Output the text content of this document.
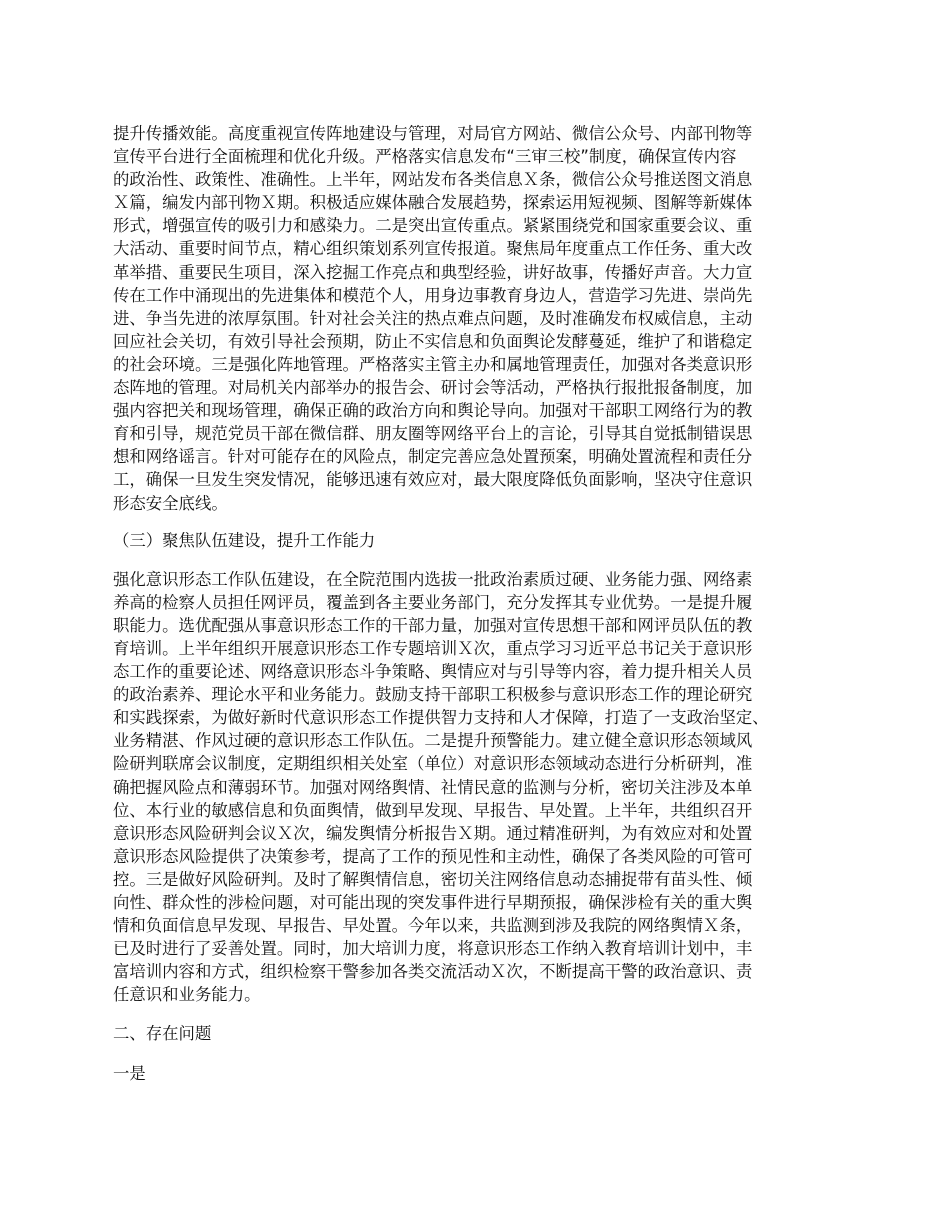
提升传播效能。高度重视宣传阵地建设与管理，对局官方网站、微信公众号、内部刊物等

宣传平台进行全面梳理和优化升级。严格落实信息发布“三审三校”制度，确保宣传内容

的政治性、政策性、准确性。上半年，网站发布各类信息Ｘ条，微信公众号推送图文消息

Ｘ篇，编发内部刊物Ｘ期。积极适应媒体融合发展趋势，探索运用短视频、图解等新媒体

形式，增强宣传的吸引力和感染力。二是突出宣传重点。紧紧围绕党和国家重要会议、重

大活动、重要时间节点，精心组织策划系列宣传报道。聚焦局年度重点工作任务、重大改

革举措、重要民生项目，深入挖掘工作亮点和典型经验，讲好故事，传播好声音。大力宣

传在工作中涌现出的先进集体和模范个人，用身边事教育身边人，营造学习先进、崇尚先

进、争当先进的浓厚氛围。针对社会关注的热点难点问题，及时准确发布权威信息，主动

回应社会关切，有效引导社会预期，防止不实信息和负面舆论发酵蔓延，维护了和谐稳定

的社会环境。三是强化阵地管理。严格落实主管主办和属地管理责任，加强对各类意识形

态阵地的管理。对局机关内部举办的报告会、研讨会等活动，严格执行报批报备制度，加

强内容把关和现场管理，确保正确的政治方向和舆论导向。加强对干部职工网络行为的教

育和引导，规范党员干部在微信群、朋友圈等网络平台上的言论，引导其自觉抵制错误思

想和网络谣言。针对可能存在的风险点，制定完善应急处置预案，明确处置流程和责任分

工，确保一旦发生突发情况，能够迅速有效应对，最大限度降低负面影响，坚决守住意识

形态安全底线。

（三）聚焦队伍建设，提升工作能力

强化意识形态工作队伍建设，在全院范围内选拔一批政治素质过硬、业务能力强、网络素

养高的检察人员担任网评员，覆盖到各主要业务部门，充分发挥其专业优势。一是提升履

职能力。选优配强从事意识形态工作的干部力量，加强对宣传思想干部和网评员队伍的教

育培训。上半年组织开展意识形态工作专题培训Ｘ次，重点学习习近平总书记关于意识形

态工作的重要论述、网络意识形态斗争策略、舆情应对与引导等内容，着力提升相关人员

的政治素养、理论水平和业务能力。鼓励支持干部职工积极参与意识形态工作的理论研究

和实践探索，为做好新时代意识形态工作提供智力支持和人才保障，打造了一支政治坚定、

业务精湛、作风过硬的意识形态工作队伍。二是提升预警能力。建立健全意识形态领域风

险研判联席会议制度，定期组织相关处室（单位）对意识形态领域动态进行分析研判，准

确把握风险点和薄弱环节。加强对网络舆情、社情民意的监测与分析，密切关注涉及本单

位、本行业的敏感信息和负面舆情，做到早发现、早报告、早处置。上半年，共组织召开

意识形态风险研判会议Ｘ次，编发舆情分析报告Ｘ期。通过精准研判，为有效应对和处置

意识形态风险提供了决策参考，提高了工作的预见性和主动性，确保了各类风险的可管可

控。三是做好风险研判。及时了解舆情信息，密切关注网络信息动态捕捉带有苗头性、倾

向性、群众性的涉检问题，对可能出现的突发事件进行早期预报，确保涉检有关的重大舆

情和负面信息早发现、早报告、早处置。今年以来，共监测到涉及我院的网络舆情Ｘ条，

已及时进行了妥善处置。同时，加大培训力度，将意识形态工作纳入教育培训计划中，丰

富培训内容和方式，组织检察干警参加各类交流活动Ｘ次，不断提高干警的政治意识、责

任意识和业务能力。

二、存在问题

一是
